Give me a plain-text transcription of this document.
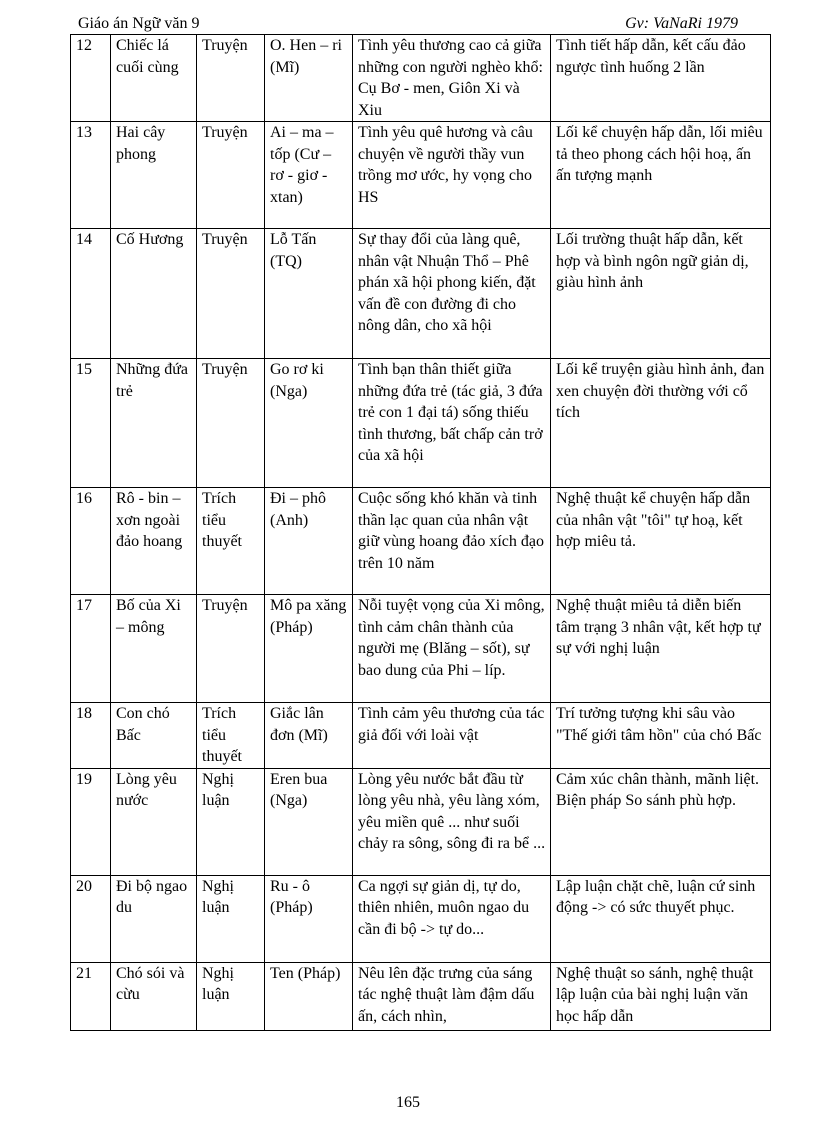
Giáo án Ngữ văn 9	Gv: VaNaRi 1979
12	Chiếc lá cuối cùng	Truyện	O. Hen – ri (Mĩ)	Tình yêu thương cao cả giữa những con người nghèo khổ: Cụ Bơ - men, Giôn Xi và Xiu	Tình tiết hấp dẫn, kết cấu đảo ngược tình huống 2 lần
13	Hai cây phong	Truyện	Ai – ma – tốp (Cư – rơ - giơ - xtan)	Tình yêu quê hương và câu chuyện về người thầy vun trồng mơ ước, hy vọng cho HS	Lối kể chuyện hấp dẫn, lối miêu tả theo phong cách hội hoạ, ấn ấn tượng mạnh
14	Cố Hương	Truyện	Lỗ Tấn (TQ)	Sự thay đổi của làng quê, nhân vật Nhuận Thổ – Phê phán xã hội phong kiến, đặt vấn đề con đường đi cho nông dân, cho xã hội	Lối trường thuật hấp dẫn, kết hợp và bình ngôn ngữ giản dị, giàu hình ảnh
15	Những đứa trẻ	Truyện	Go rơ ki (Nga)	Tình bạn thân thiết giữa những đứa trẻ (tác giả, 3 đứa trẻ con 1 đại tá) sống thiếu tình thương, bất chấp cản trở của xã hội	Lối kể truyện giàu hình ảnh, đan xen chuyện đời thường với cổ tích
16	Rô - bin – xơn ngoài đảo hoang	Trích tiểu thuyết	Đi – phô (Anh)	Cuộc sống khó khăn và tinh thần lạc quan của nhân vật giữ vùng hoang đảo xích đạo trên 10 năm	Nghệ thuật kể chuyện hấp dẫn của nhân vật "tôi" tự hoạ, kết hợp miêu tả.
17	Bố của Xi – mông	Truyện	Mô pa xăng (Pháp)	Nỗi tuyệt vọng của Xi mông, tình cảm chân thành của người mẹ (Blăng – sốt), sự bao dung của Phi – líp.	Nghệ thuật miêu tả diễn biến tâm trạng 3 nhân vật, kết hợp tự sự với nghị luận
18	Con chó Bấc	Trích tiểu thuyết	Giắc lân đơn (Mĩ)	Tình cảm yêu thương của tác giả đối với loài vật	Trí tưởng tượng khi sâu vào "Thế giới tâm hồn" của chó Bấc
19	Lòng yêu nước	Nghị luận	Eren bua (Nga)	Lòng yêu nước bắt đầu từ lòng yêu nhà, yêu làng xóm, yêu miền quê ... như suối chảy ra sông, sông đi ra bể ...	Cảm xúc chân thành, mãnh liệt. Biện pháp So sánh phù hợp.
20	Đi bộ ngao du	Nghị luận	Ru - ô (Pháp)	Ca ngợi sự giản dị, tự do, thiên nhiên, muôn ngao du cần đi bộ -> tự do...	Lập luận chặt chẽ, luận cứ sinh động -> có sức thuyết phục.
21	Chó sói và cừu	Nghị luận	Ten (Pháp)	Nêu lên đặc trưng của sáng tác nghệ thuật làm đậm dấu ấn, cách nhìn,	Nghệ thuật so sánh, nghệ thuật lập luận của bài nghị luận văn học hấp dẫn
165
